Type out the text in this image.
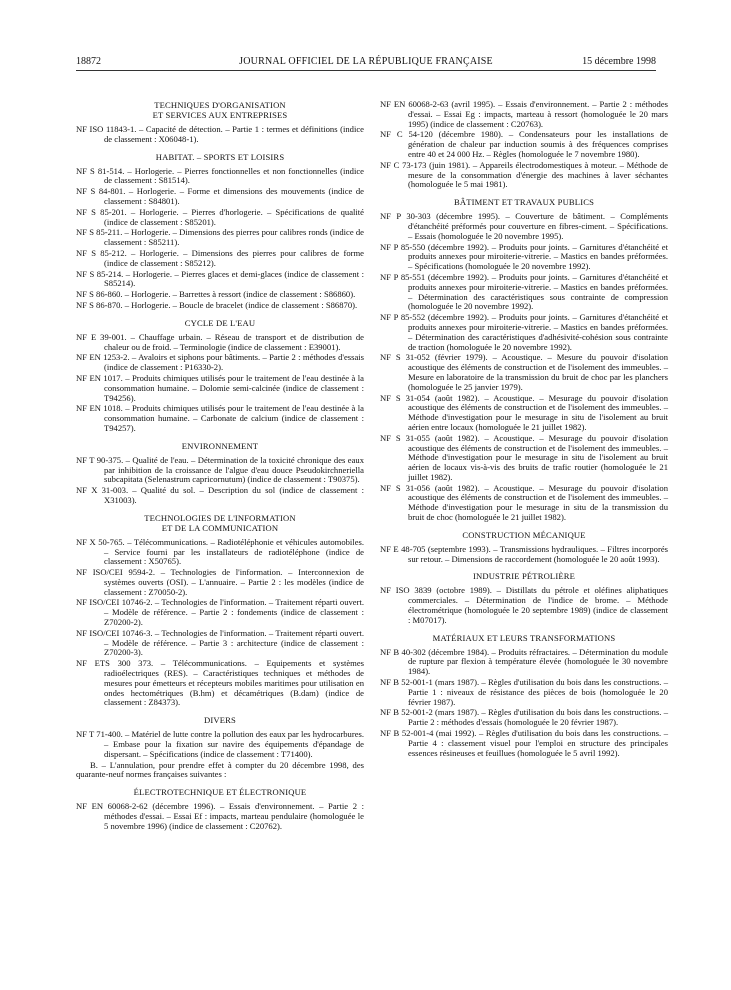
18872	JOURNAL OFFICIEL DE LA RÉPUBLIQUE FRANÇAISE	15 décembre 1998
TECHNIQUES D'ORGANISATION
ET SERVICES AUX ENTREPRISES
NF ISO 11843-1. – Capacité de détection. – Partie 1 : termes et définitions (indice de classement : X06048-1).
HABITAT. – SPORTS ET LOISIRS
NF S 81-514. – Horlogerie. – Pierres fonctionnelles et non fonctionnelles (indice de classement : S81514).
NF S 84-801. – Horlogerie. – Forme et dimensions des mouvements (indice de classement : S84801).
NF S 85-201. – Horlogerie. – Pierres d'horlogerie. – Spécifications de qualité (indice de classement : S85201).
NF S 85-211. – Horlogerie. – Dimensions des pierres pour calibres ronds (indice de classement : S85211).
NF S 85-212. – Horlogerie. – Dimensions des pierres pour calibres de forme (indice de classement : S85212).
NF S 85-214. – Horlogerie. – Pierres glaces et demi-glaces (indice de classement : S85214).
NF S 86-860. – Horlogerie. – Barrettes à ressort (indice de classement : S86860).
NF S 86-870. – Horlogerie. – Boucle de bracelet (indice de classement : S86870).
CYCLE DE L'EAU
NF E 39-001. – Chauffage urbain. – Réseau de transport et de distribution de chaleur ou de froid. – Terminologie (indice de classement : E39001).
NF EN 1253-2. – Avaloirs et siphons pour bâtiments. – Partie 2 : méthodes d'essais (indice de classement : P16330-2).
NF EN 1017. – Produits chimiques utilisés pour le traitement de l'eau destinée à la consommation humaine. – Dolomie semi-calcinée (indice de classement : T94256).
NF EN 1018. – Produits chimiques utilisés pour le traitement de l'eau destinée à la consommation humaine. – Carbonate de calcium (indice de classement : T94257).
ENVIRONNEMENT
NF T 90-375. – Qualité de l'eau. – Détermination de la toxicité chronique des eaux par inhibition de la croissance de l'algue d'eau douce Pseudokirchneriella subcapitata (Selenastrum capricornutum) (indice de classement : T90375).
NF X 31-003. – Qualité du sol. – Description du sol (indice de classement : X31003).
TECHNOLOGIES DE L'INFORMATION
ET DE LA COMMUNICATION
NF X 50-765. – Télécommunications. – Radiotéléphonie et véhicules automobiles. – Service fourni par les installateurs de radiotéléphone (indice de classement : X50765).
NF ISO/CEI 9594-2. – Technologies de l'information. – Interconnexion de systèmes ouverts (OSI). – L'annuaire. – Partie 2 : les modèles (indice de classement : Z70050-2).
NF ISO/CEI 10746-2. – Technologies de l'information. – Traitement réparti ouvert. – Modèle de référence. – Partie 2 : fondements (indice de classement : Z70200-2).
NF ISO/CEI 10746-3. – Technologies de l'information. – Traitement réparti ouvert. – Modèle de référence. – Partie 3 : architecture (indice de classement : Z70200-3).
NF ETS 300 373. – Télécommunications. – Equipements et systèmes radioélectriques (RES). – Caractéristiques techniques et méthodes de mesures pour émetteurs et récepteurs mobiles maritimes pour utilisation en ondes hectométriques (B.hm) et décamétriques (B.dam) (indice de classement : Z84373).
DIVERS
NF T 71-400. – Matériel de lutte contre la pollution des eaux par les hydrocarbures. – Embase pour la fixation sur navire des équipements d'épandage de dispersant. – Spécifications (indice de classement : T71400).
B. – L'annulation, pour prendre effet à compter du 20 décembre 1998, des quarante-neuf normes françaises suivantes :
ÉLECTROTECHNIQUE ET ÉLECTRONIQUE
NF EN 60068-2-62 (décembre 1996). – Essais d'environnement. – Partie 2 : méthodes d'essai. – Essai Ef : impacts, marteau pendulaire (homologuée le 5 novembre 1996) (indice de classement : C20762).
NF EN 60068-2-63 (avril 1995). – Essais d'environnement. – Partie 2 : méthodes d'essai. – Essai Eg : impacts, marteau à ressort (homologuée le 20 mars 1995) (indice de classement : C20763).
NF C 54-120 (décembre 1980). – Condensateurs pour les installations de génération de chaleur par induction soumis à des fréquences comprises entre 40 et 24 000 Hz. – Règles (homologuée le 7 novembre 1980).
NF C 73-173 (juin 1981). – Appareils électrodomestiques à moteur. – Méthode de mesure de la consommation d'énergie des machines à laver séchantes (homologuée le 5 mai 1981).
BÂTIMENT ET TRAVAUX PUBLICS
NF P 30-303 (décembre 1995). – Couverture de bâtiment. – Compléments d'étanchéité préformés pour couverture en fibres-ciment. – Spécifications. – Essais (homologuée le 20 novembre 1995).
NF P 85-550 (décembre 1992). – Produits pour joints. – Garnitures d'étanchéité et produits annexes pour miroiterie-vitrerie. – Mastics en bandes préformées. – Spécifications (homologuée le 20 novembre 1992).
NF P 85-551 (décembre 1992). – Produits pour joints. – Garnitures d'étanchéité et produits annexes pour miroiterie-vitrerie. – Mastics en bandes préformées. – Détermination des caractéristiques sous contrainte de compression (homologuée le 20 novembre 1992).
NF P 85-552 (décembre 1992). – Produits pour joints. – Garnitures d'étanchéité et produits annexes pour miroiterie-vitrerie. – Mastics en bandes préformées. – Détermination des caractéristiques d'adhésivité-cohésion sous contrainte de traction (homologuée le 20 novembre 1992).
NF S 31-052 (février 1979). – Acoustique. – Mesure du pouvoir d'isolation acoustique des éléments de construction et de l'isolement des immeubles. – Mesure en laboratoire de la transmission du bruit de choc par les planchers (homologuée le 25 janvier 1979).
NF S 31-054 (août 1982). – Acoustique. – Mesurage du pouvoir d'isolation acoustique des éléments de construction et de l'isolement des immeubles. – Méthode d'investigation pour le mesurage in situ de l'isolement au bruit aérien entre locaux (homologuée le 21 juillet 1982).
NF S 31-055 (août 1982). – Acoustique. – Mesurage du pouvoir d'isolation acoustique des éléments de construction et de l'isolement des immeubles. – Méthode d'investigation pour le mesurage in situ de l'isolement au bruit aérien de locaux vis-à-vis des bruits de trafic routier (homologuée le 21 juillet 1982).
NF S 31-056 (août 1982). – Acoustique. – Mesurage du pouvoir d'isolation acoustique des éléments de construction et de l'isolement des immeubles. – Méthode d'investigation pour le mesurage in situ de la transmission du bruit de choc (homologuée le 21 juillet 1982).
CONSTRUCTION MÉCANIQUE
NF E 48-705 (septembre 1993). – Transmissions hydrauliques. – Filtres incorporés sur retour. – Dimensions de raccordement (homologuée le 20 août 1993).
INDUSTRIE PÉTROLIÈRE
NF ISO 3839 (octobre 1989). – Distillats du pétrole et oléfines aliphatiques commerciales. – Détermination de l'indice de brome. – Méthode électrométrique (homologuée le 20 septembre 1989) (indice de classement : M07017).
MATÉRIAUX ET LEURS TRANSFORMATIONS
NF B 40-302 (décembre 1984). – Produits réfractaires. – Détermination du module de rupture par flexion à température élevée (homologuée le 30 novembre 1984).
NF B 52-001-1 (mars 1987). – Règles d'utilisation du bois dans les constructions. – Partie 1 : niveaux de résistance des pièces de bois (homologuée le 20 février 1987).
NF B 52-001-2 (mars 1987). – Règles d'utilisation du bois dans les constructions. – Partie 2 : méthodes d'essais (homologuée le 20 février 1987).
NF B 52-001-4 (mai 1992). – Règles d'utilisation du bois dans les constructions. – Partie 4 : classement visuel pour l'emploi en structure des principales essences résineuses et feuillues (homologuée le 5 avril 1992).
